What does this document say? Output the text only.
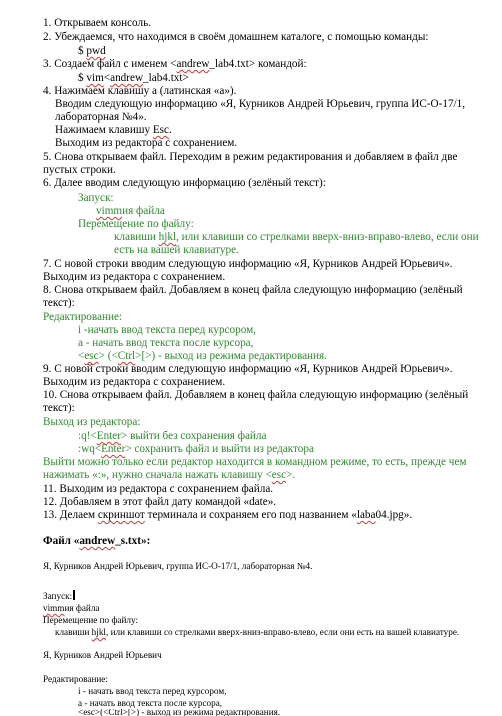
1. Открываем консоль.
2. Убеждаемся, что находимся в своём домашнем каталоге, с помощью команды:
$ pwd
3. Создаем файл с именем <andrew_lab4.txt> командой:
$ vim<andrew_lab4.txt>
4. Нажимаем клавишу a (латинская «a»).
Вводим следующую информацию «Я, Курников Андрей Юрьевич, группа ИС-О-17/1,
лабораторная №4».
Нажимаем клавишу Esc.
Выходим из редактора с сохранением.
5. Снова открываем файл. Переходим в режим редактирования и добавляем в файл две
пустых строки.
6. Далее вводим следующую информацию (зелёный текст):
Запуск:
vimmия файла
Перемещение по файлу:
клавиши hjkl, или клавиши со стрелками вверх-вниз-вправо-влево, если они
есть на вашей клавиатуре.
7. С новой строки вводим следующую информацию «Я, Курников Андрей Юрьевич».
Выходим из редактора с сохранением.
8. Снова открываем файл. Добавляем в конец файла следующую информацию (зелёный
текст):
Редактирование:
i -начать ввод текста перед курсором,
a - начать ввод текста после курсора,
<esc> (<Ctrl>[>) - выход из режима редактирования.
9. С новой строки вводим следующую информацию «Я, Курников Андрей Юрьевич».
Выходим из редактора с сохранением.
10. Снова открываем файл. Добавляем в конец файла следующую информацию (зелёный
текст):
Выход из редактора:
:q!<Enter> выйти без сохранения файла
:wq<Enter> сохранить файл и выйти из редактора
Выйти можно только если редактор находится в командном режиме, то есть, прежде чем
нажимать «:», нужно сначала нажать клавишу <esc>.
11. Выходим из редактора с сохранением файла.
12. Добавляем в этот файл дату командой «date».
13. Делаем скриншот терминала и сохраняем его под названием «laba04.jpg».
Файл «andrew_s.txt»:
Я, Курников Андрей Юрьевич, группа ИС-О-17/1, лабораторная №4.
Запуск:
vimmия файла
Перемещение по файлу:
клавиши hjkl, или клавиши со стрелками вверх-вниз-вправо-влево, если они есть на вашей клавиатуре.
Я, Курников Андрей Юрьевич
Редактирование:
i - начать ввод текста перед курсором,
a - начать ввод текста после курсора,
<esc>(<Ctrl>[>) - выход из режима редактирования.
